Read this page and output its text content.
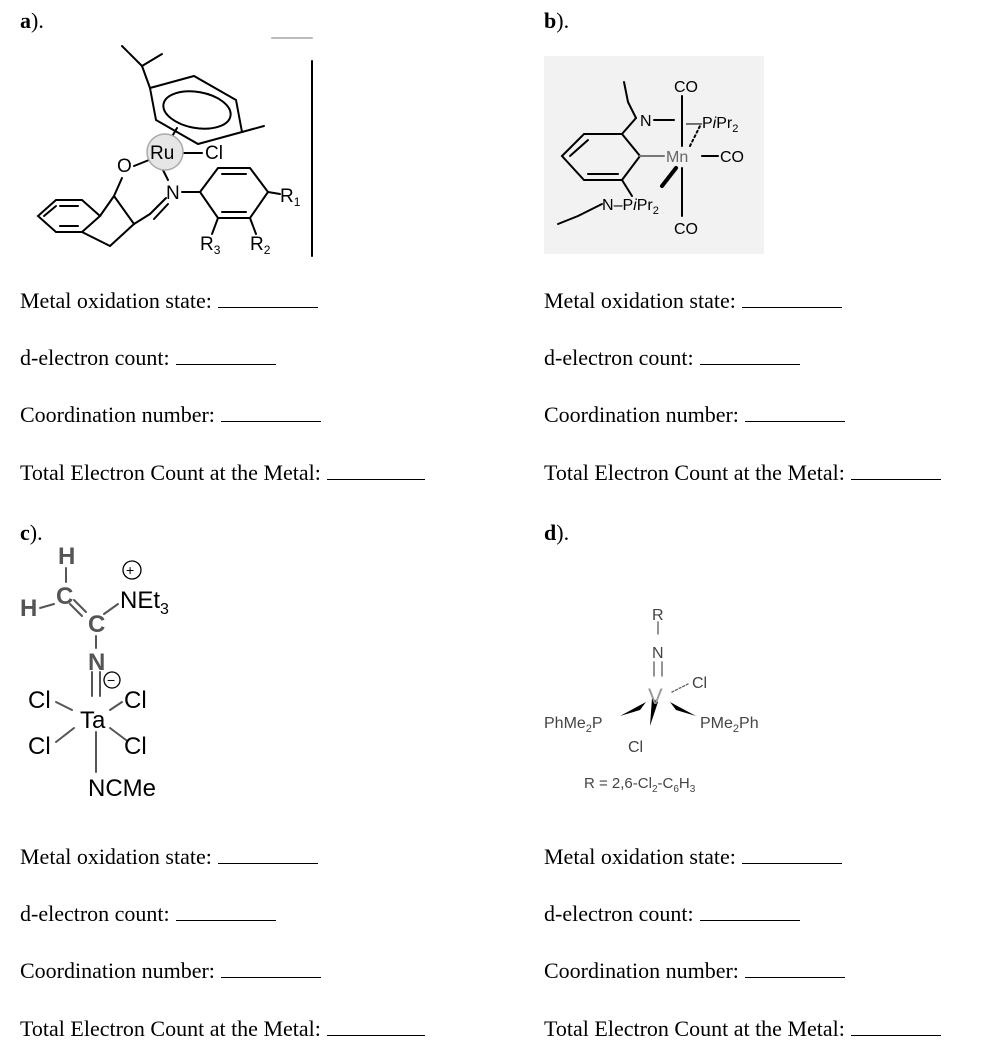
a).
Ru Cl
O
N	$R_1$
$R_3$ $R_2$
b).
CO
N —PiPr$_2$
Mn CO
N–PiPr$_2$
CO
c).
+
−
H
H C
C
NEt$_3$
N
Cl	Cl
Ta
Cl	Cl
NCMe
d).
R
N
V
Cl
PhMe$_2$P	PMe$_2$Ph
Cl
$R = 2,6-Cl_2-C_6H_3$
Metal oxidation state:
d-electron count:
Coordination number:
Total Electron Count at the Metal:
Metal oxidation state:
d-electron count:
Coordination number:
Total Electron Count at the Metal:
Metal oxidation state:
d-electron count:
Coordination number:
Total Electron Count at the Metal:
Metal oxidation state:
d-electron count:
Coordination number:
Total Electron Count at the Metal:
